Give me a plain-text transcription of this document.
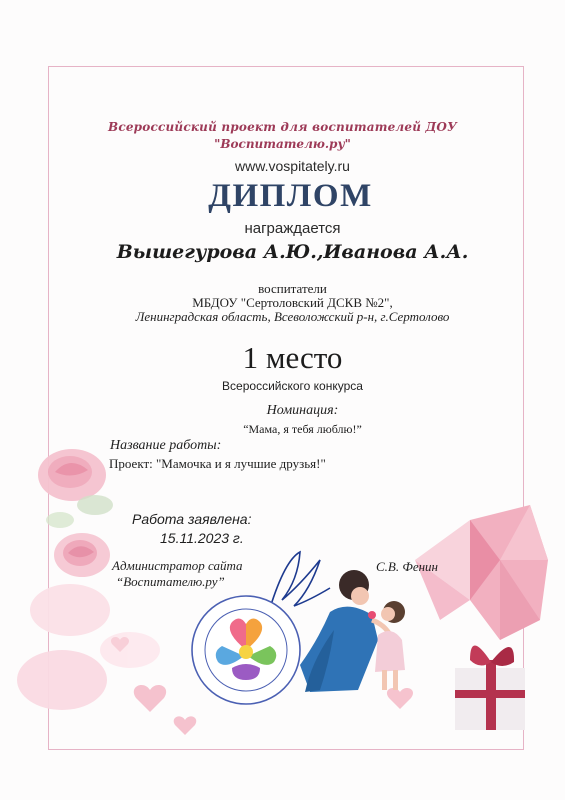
Всероссийский проект для воспитателей ДОУ
"Воспитателю.ру"
www.vospitately.ru
ДИПЛОМ
награждается
Вышегурова А.Ю.,Иванова А.А.
воспитатели
МБДОУ "Сертоловский ДСКВ №2",
Ленинградская область, Всеволожский р-н, г.Сертолово
1 место
Всероссийского конкурса
Номинация:
“Мама, я тебя люблю!”
Название работы:
Проект: "Мамочка и я лучшие друзья!"
Работа заявлена:
15.11.2023 г.
Администратор сайта
“Воспитателю.ру”
С.В. Фенин
